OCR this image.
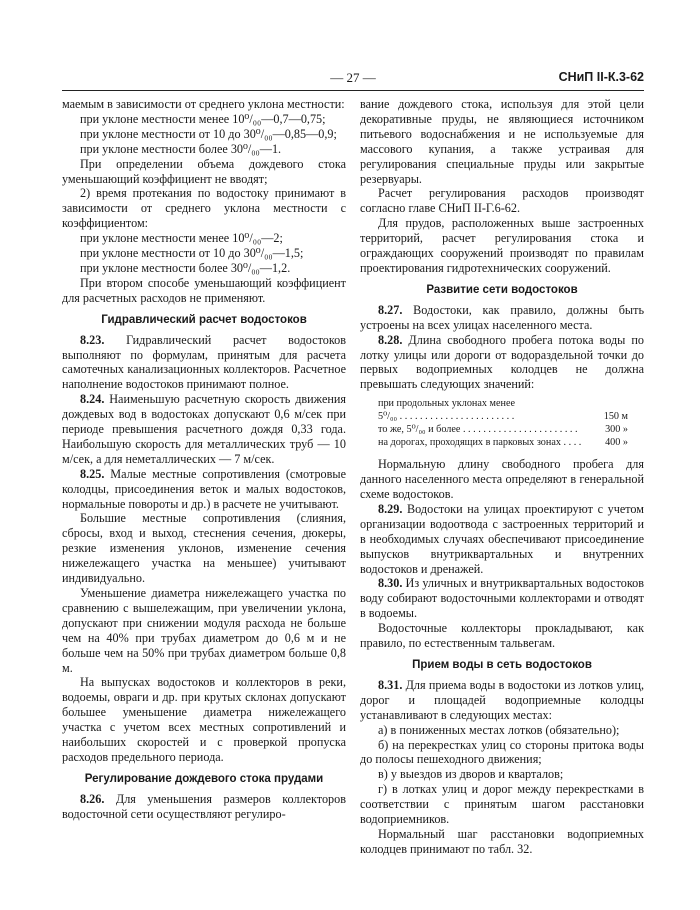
— 27 —	СНиП II-К.3-62

маемым в зависимости от среднего уклона местности:

при уклоне местности менее 10⁰/₀₀—0,7—0,75;

при уклоне местности от 10 до 30⁰/₀₀—0,85—0,9;

при уклоне местности более 30⁰/₀₀—1.

При определении объема дождевого стока уменьшающий коэффициент не вводят;

2) время протекания по водостоку принимают в зависимости от среднего уклона местности с коэффициентом:

при уклоне местности менее 10⁰/₀₀—2;

при уклоне местности от 10 до 30⁰/₀₀—1,5;

при уклоне местности более 30⁰/₀₀—1,2.

При втором способе уменьшающий коэффициент для расчетных расходов не применяют.

Гидравлический расчет водостоков

8.23. Гидравлический расчет водостоков выполняют по формулам, принятым для расчета самотечных канализационных коллекторов. Расчетное наполнение водостоков принимают полное.

8.24. Наименьшую расчетную скорость движения дождевых вод в водостоках допускают 0,6 м/сек при периоде превышения расчетного дождя 0,33 года. Наибольшую скорость для металлических труб — 10 м/сек, а для неметаллических — 7 м/сек.

8.25. Малые местные сопротивления (смотровые колодцы, присоединения веток и малых водостоков, нормальные повороты и др.) в расчете не учитывают.

Большие местные сопротивления (слияния, сбросы, вход и выход, стеснения сечения, дюкеры, резкие изменения уклонов, изменение сечения нижележащего участка на меньшее) учитывают индивидуально.

Уменьшение диаметра нижележащего участка по сравнению с вышележащим, при увеличении уклона, допускают при снижении модуля расхода не больше чем на 40% при трубах диаметром до 0,6 м и не больше чем на 50% при трубах диаметром больше 0,8 м.

На выпусках водостоков и коллекторов в реки, водоемы, овраги и др. при крутых склонах допускают большее уменьшение диаметра нижележащего участка с учетом всех местных сопротивлений и наибольших скоростей и с проверкой пропуска расходов предельного периода.

Регулирование дождевого стока прудами

8.26. Для уменьшения размеров коллекторов водосточной сети осуществляют регулиро-

вание дождевого стока, используя для этой цели декоративные пруды, не являющиеся источником питьевого водоснабжения и не используемые для массового купания, а также устраивая для регулирования специальные пруды или закрытые резервуары.

Расчет регулирования расходов производят согласно главе СНиП II-Г.6-62.

Для прудов, расположенных выше застроенных территорий, расчет регулирования стока и ограждающих сооружений производят по правилам проектирования гидротехнических сооружений.

Развитие сети водостоков

8.27. Водостоки, как правило, должны быть устроены на всех улицах населенного места.

8.28. Длина свободного пробега потока воды по лотку улицы или дороги от водораздельной точки до первых водоприемных колодцев не должна превышать следующих значений:

при продольных уклонах менее
5⁰/₀₀ . . .	150 м
то же, 5⁰/₀₀ и более . . .	300 »
на дорогах, проходящих в парковых зонах . . .	400 »

Нормальную длину свободного пробега для данного населенного места определяют в генеральной схеме водостоков.

8.29. Водостоки на улицах проектируют с учетом организации водоотвода с застроенных территорий и в необходимых случаях обеспечивают присоединение выпусков внутриквартальных и внутренних водостоков и дренажей.

8.30. Из уличных и внутриквартальных водостоков воду собирают водосточными коллекторами и отводят в водоемы.

Водосточные коллекторы прокладывают, как правило, по естественным тальвегам.

Прием воды в сеть водостоков

8.31. Для приема воды в водостоки из лотков улиц, дорог и площадей водоприемные колодцы устанавливают в следующих местах:

а) в пониженных местах лотков (обязательно);

б) на перекрестках улиц со стороны притока воды до полосы пешеходного движения;

в) у выездов из дворов и кварталов;

г) в лотках улиц и дорог между перекрестками в соответствии с принятым шагом расстановки водоприемников.

Нормальный шаг расстановки водоприемных колодцев принимают по табл. 32.
